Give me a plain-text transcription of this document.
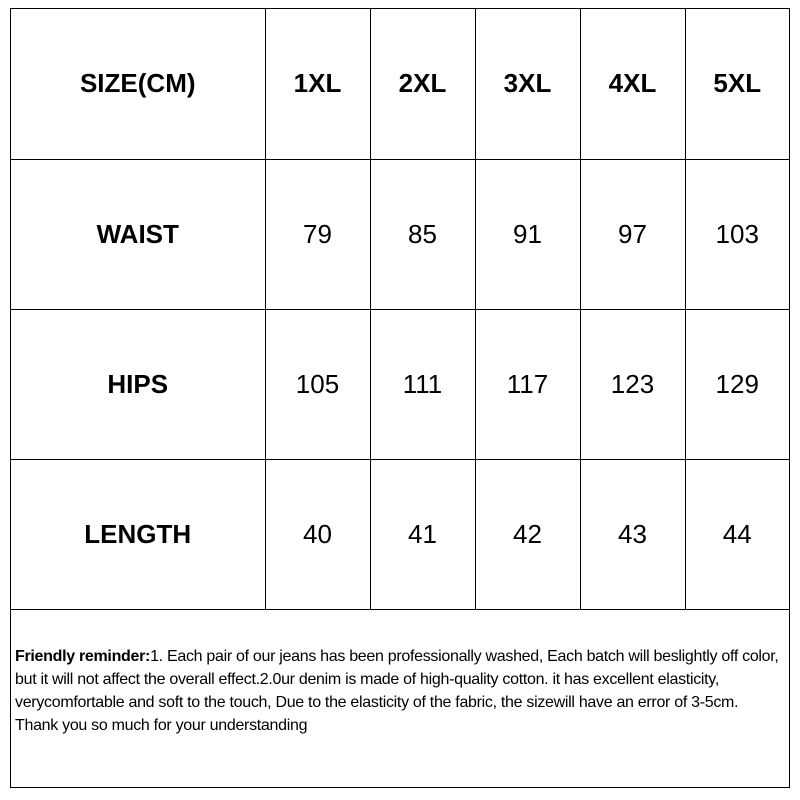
SIZE(CM)	1XL	2XL	3XL	4XL	5XL
WAIST	79	85	91	97	103
HIPS	105	111	117	123	129
LENGTH	40	41	42	43	44

Friendly reminder:1. Each pair of our jeans has been professionally washed, Each batch will beslightly off color, but it will not affect the overall effect.2.0ur denim is made of high-quality cotton. it has excellent elasticity, verycomfortable and soft to the touch, Due to the elasticity of the fabric, the sizewill have an error of 3-5cm.

Thank you so much for your understanding
